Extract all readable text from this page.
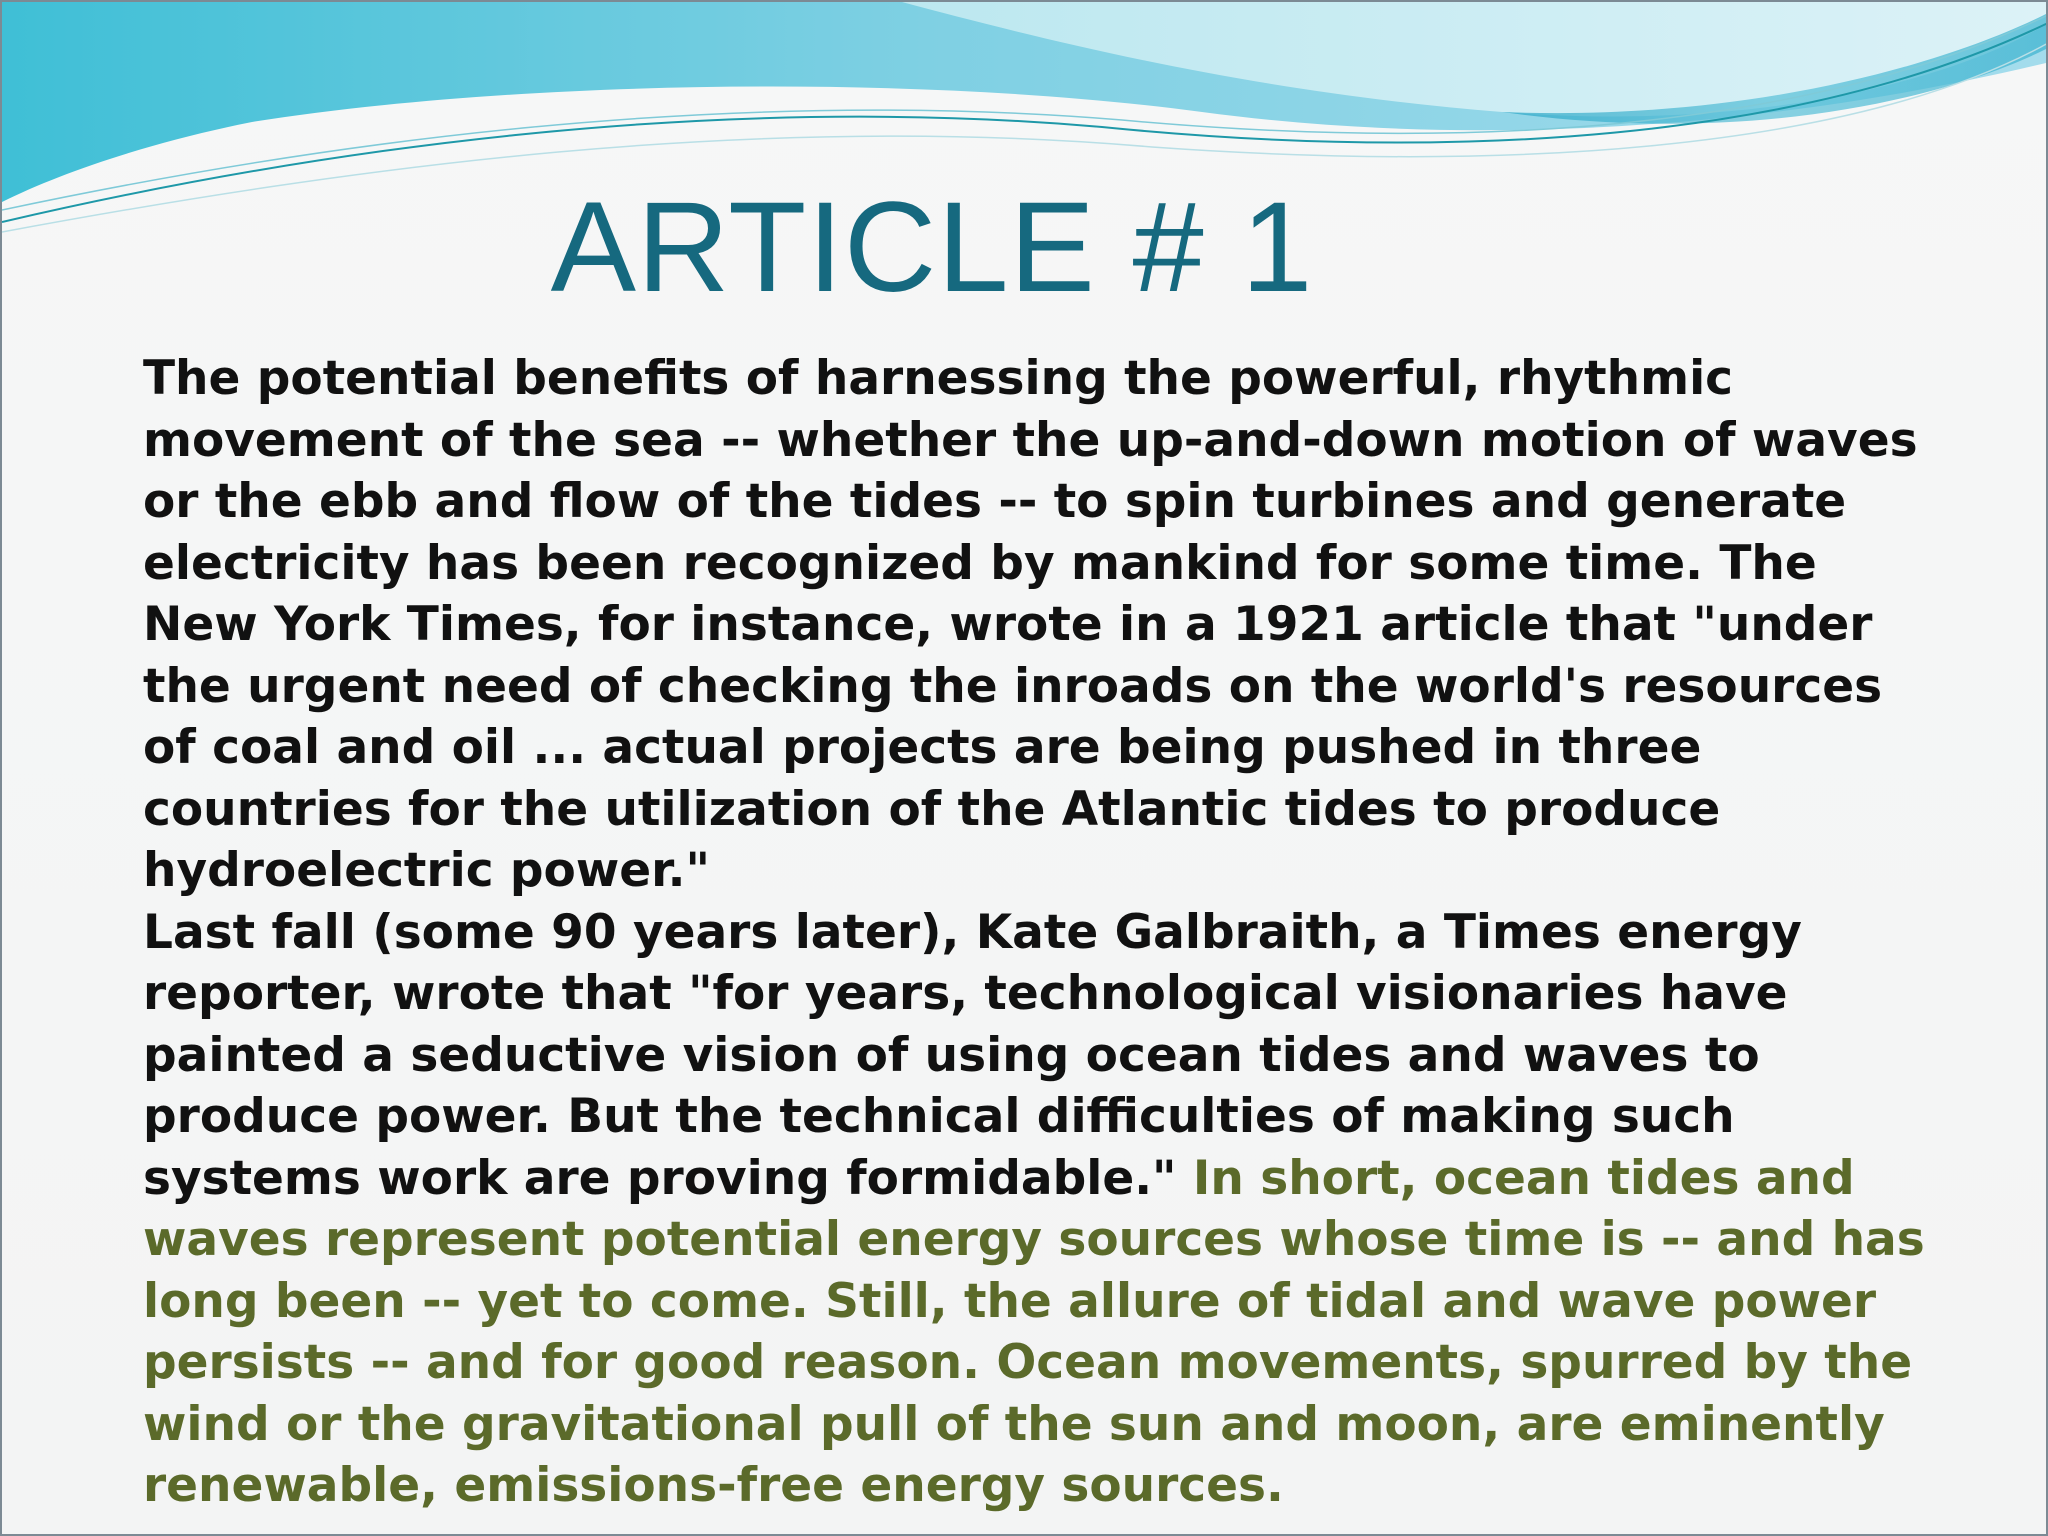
ARTICLE # 1

The potential benefits of harnessing the powerful, rhythmic movement of the sea -- whether the up-and-down motion of waves or the ebb and flow of the tides -- to spin turbines and generate electricity has been recognized by mankind for some time. The New York Times, for instance, wrote in a 1921 article that "under the urgent need of checking the inroads on the world's resources of coal and oil ... actual projects are being pushed in three countries for the utilization of the Atlantic tides to produce hydroelectric power."

Last fall (some 90 years later), Kate Galbraith, a Times energy reporter, wrote that "for years, technological visionaries have painted a seductive vision of using ocean tides and waves to produce power. But the technical difficulties of making such systems work are proving formidable." In short, ocean tides and waves represent potential energy sources whose time is -- and has long been -- yet to come. Still, the allure of tidal and wave power persists -- and for good reason. Ocean movements, spurred by the wind or the gravitational pull of the sun and moon, are eminently renewable, emissions-free energy sources.
